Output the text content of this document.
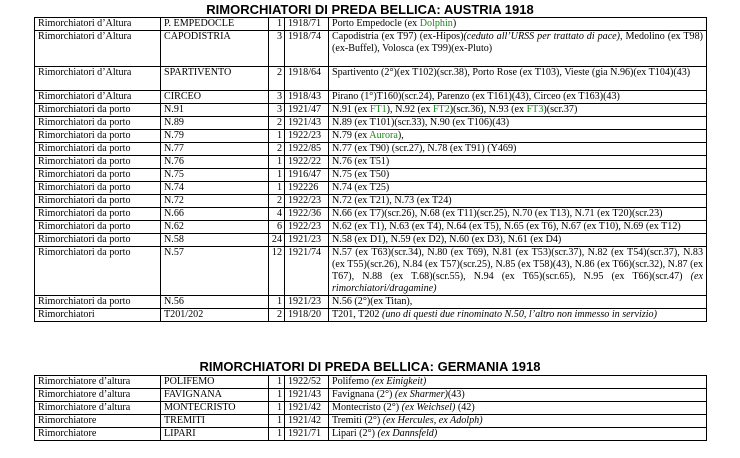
RIMORCHIATORI DI PREDA BELLICA: AUSTRIA 1918
Rimorchiatori d’Altura	P. EMPEDOCLE	1	1918/71	Porto Empedocle (ex Dolphin)
Rimorchiatori d’Altura	CAPODISTRIA	3	1918/74	Capodistria (ex T97) (ex-Hipos)(ceduto all’URSS per trattato di pace), Medolino (ex T98)(ex-Buffel), Volosca (ex T99)(ex-Pluto)
Rimorchiatori d’Altura	SPARTIVENTO	2	1918/64	Spartivento (2°)(ex T102)(scr.38), Porto Rose (ex T103), Vieste (gia N.96)(ex T104)(43)
Rimorchiatori d’Altura	CIRCEO	3	1918/43	Pirano (1°)T160)(scr.24), Parenzo (ex T161)(43), Circeo (ex T163)(43)
Rimorchiatori da porto	N.91	3	1921/47	N.91 (ex FT1), N.92 (ex FT2)(scr.36), N.93 (ex FT3)(scr.37)
Rimorchiatori da porto	N.89	2	1921/43	N.89 (ex T101)(scr.33), N.90 (ex T106)(43)
Rimorchiatori da porto	N.79	1	1922/23	N.79 (ex Aurora),
Rimorchiatori da porto	N.77	2	1922/85	N.77 (ex T90) (scr.27), N.78 (ex T91) (Y469)
Rimorchiatori da porto	N.76	1	1922/22	N.76 (ex T51)
Rimorchiatori da porto	N.75	1	1916/47	N.75 (ex T50)
Rimorchiatori da porto	N.74	1	192226	N.74 (ex T25)
Rimorchiatori da porto	N.72	2	1922/23	N.72 (ex T21), N.73 (ex T24)
Rimorchiatori da porto	N.66	4	1922/36	N.66 (ex T7)(scr.26), N.68 (ex T11)(scr.25), N.70 (ex T13), N.71 (ex T20)(scr.23)
Rimorchiatori da porto	N.62	6	1922/23	N.62 (ex T1), N.63 (ex T4), N.64 (ex T5), N.65 (ex T6), N.67 (ex T10), N.69 (ex T12)
Rimorchiatori da porto	N.58	24	1921/23	N.58 (ex D1), N.59 (ex D2), N.60 (ex D3), N.61 (ex D4)
Rimorchiatori da porto	N.57	12	1921/74	N.57 (ex T63)(scr.34), N.80 (ex T69), N.81 (ex T53)(scr.37), N.82 (ex T54)(scr.37), N.83 (ex T55)(scr.26), N.84 (ex T57)(scr.25), N.85 (ex T58)(43), N.86 (ex T66)(scr.32), N.87 (ex T67), N.88 (ex T.68)(scr.55), N.94 (ex T65)(scr.65), N.95 (ex T66)(scr.47) (ex rimorchiatori/dragamine)
Rimorchiatori da porto	N.56	1	1921/23	N.56 (2°)(ex Titan),
Rimorchiatori	T201/202	2	1918/20	T201, T202 (uno di questi due rinominato N.50, l’altro non immesso in servizio)
RIMORCHIATORI DI PREDA BELLICA: GERMANIA 1918
Rimorchiatore d’altura	POLIFEMO	1	1922/52	Polifemo (ex Einigkeit)
Rimorchiatore d’altura	FAVIGNANA	1	1921/43	Favignana (2°) (ex Sharmer)(43)
Rimorchiatore d’altura	MONTECRISTO	1	1921/42	Montecristo (2°) (ex Weichsel) (42)
Rimorchiatore	TREMITI	1	1921/42	Tremiti (2°) (ex Hercules, ex Adolph)
Rimorchiatore	LIPARI	1	1921/71	Lipari (2°) (ex Dannsfeld)
